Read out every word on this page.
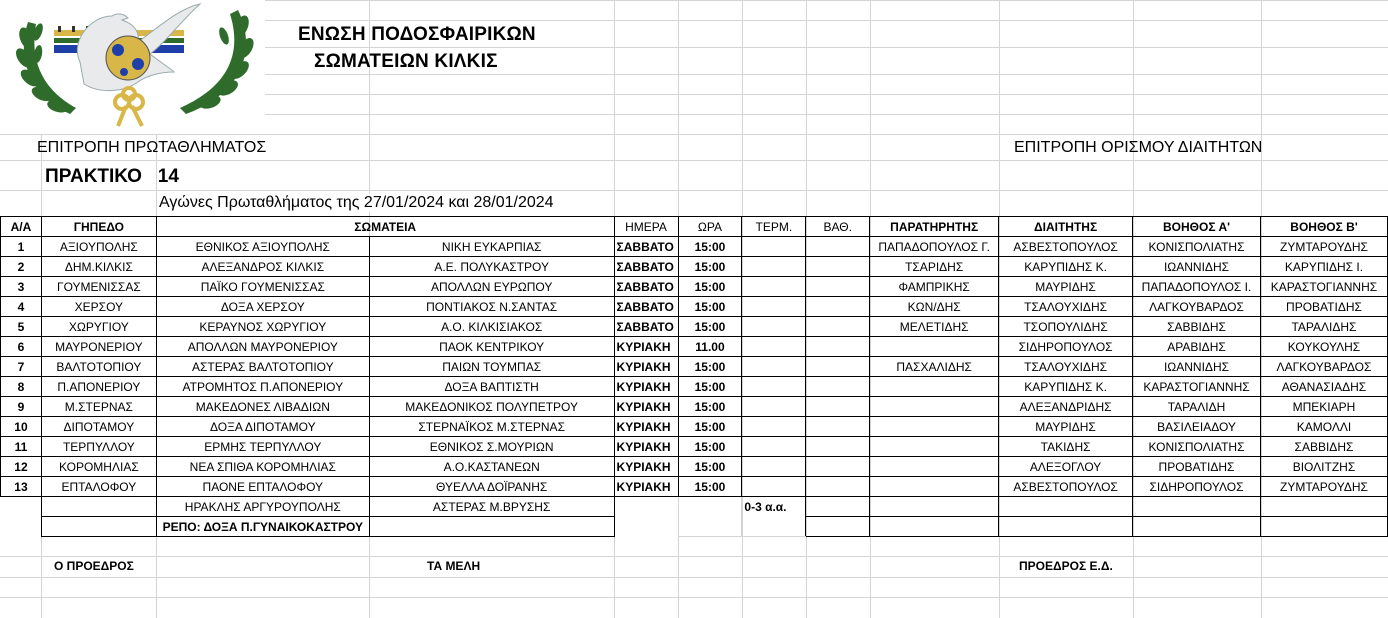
ΕΝΩΣΗ ΠΟΔΟΣΦΑΙΡΙΚΩΝ
ΣΩΜΑΤΕΙΩΝ ΚΙΛΚΙΣ
ΕΠΙΤΡΟΠΗ ΠΡΩΤΑΘΛΗΜΑΤΟΣ	ΕΠΙΤΡΟΠΗ ΟΡΙΣΜΟΥ ΔΙΑΙΤΗΤΩΝ
ΠΡΑΚΤΙΚΟ 14
Αγώνες Πρωταθλήματος της 27/01/2024 και 28/01/2024
Α/Α	ΓΗΠΕΔΟ	ΣΩΜΑΤΕΙΑ		ΗΜΕΡΑ	ΩΡΑ	ΤΕΡΜ.	ΒΑΘ.	ΠΑΡΑΤΗΡΗΤΗΣ	ΔΙΑΙΤΗΤΗΣ	ΒΟΗΘΟΣ Α'	ΒΟΗΘΟΣ Β'
1	ΑΞΙΟΥΠΟΛΗΣ	ΕΘΝΙΚΟΣ ΑΞΙΟΥΠΟΛΗΣ	ΝΙΚΗ ΕΥΚΑΡΠΙΑΣ	ΣΑΒΒΑΤΟ	15:00			ΠΑΠΑΔΟΠΟΥΛΟΣ Γ.	ΑΣΒΕΣΤΟΠΟΥΛΟΣ	ΚΟΝΙΣΠΟΛΙΑΤΗΣ	ΖΥΜΤΑΡΟΥΔΗΣ
2	ΔΗΜ.ΚΙΛΚΙΣ	ΑΛΕΞΑΝΔΡΟΣ ΚΙΛΚΙΣ	Α.Ε. ΠΟΛΥΚΑΣΤΡΟΥ	ΣΑΒΒΑΤΟ	15:00			ΤΣΑΡΙΔΗΣ	ΚΑΡΥΠΙΔΗΣ Κ.	ΙΩΑΝΝΙΔΗΣ	ΚΑΡΥΠΙΔΗΣ Ι.
3	ΓΟΥΜΕΝΙΣΣΑΣ	ΠΑΪΚΟ ΓΟΥΜΕΝΙΣΣΑΣ	ΑΠΟΛΛΩΝ ΕΥΡΩΠΟΥ	ΣΑΒΒΑΤΟ	15:00			ΦΑΜΠΡΙΚΗΣ	ΜΑΥΡΙΔΗΣ	ΠΑΠΑΔΟΠΟΥΛΟΣ Ι.	ΚΑΡΑΣΤΟΓΙΑΝΝΗΣ
4	ΧΕΡΣΟΥ	ΔΟΞΑ ΧΕΡΣΟΥ	ΠΟΝΤΙΑΚΟΣ Ν.ΣΑΝΤΑΣ	ΣΑΒΒΑΤΟ	15:00			ΚΩΝ/ΔΗΣ	ΤΣΑΛΟΥΧΙΔΗΣ	ΛΑΓΚΟΥΒΑΡΔΟΣ	ΠΡΟΒΑΤΙΔΗΣ
5	ΧΩΡΥΓΙΟΥ	ΚΕΡΑΥΝΟΣ ΧΩΡΥΓΙΟΥ	Α.Ο. ΚΙΛΚΙΣΙΑΚΟΣ	ΣΑΒΒΑΤΟ	15:00			ΜΕΛΕΤΙΔΗΣ	ΤΣΟΠΟΥΛΙΔΗΣ	ΣΑΒΒΙΔΗΣ	ΤΑΡΑΛΙΔΗΣ
6	ΜΑΥΡΟΝΕΡΙΟΥ	ΑΠΟΛΛΩΝ ΜΑΥΡΟΝΕΡΙΟΥ	ΠΑΟΚ ΚΕΝΤΡΙΚΟΥ	ΚΥΡΙΑΚΗ	11.00				ΣΙΔΗΡΟΠΟΥΛΟΣ	ΑΡΑΒΙΔΗΣ	ΚΟΥΚΟΥΛΗΣ
7	ΒΑΛΤΟΤΟΠΙΟΥ	ΑΣΤΕΡΑΣ ΒΑΛΤΟΤΟΠΙΟΥ	ΠΑΙΩΝ ΤΟΥΜΠΑΣ	ΚΥΡΙΑΚΗ	15:00			ΠΑΣΧΑΛΙΔΗΣ	ΤΣΑΛΟΥΧΙΔΗΣ	ΙΩΑΝΝΙΔΗΣ	ΛΑΓΚΟΥΒΑΡΔΟΣ
8	Π.ΑΠΟΝΕΡΙΟΥ	ΑΤΡΟΜΗΤΟΣ Π.ΑΠΟΝΕΡΙΟΥ	ΔΟΞΑ ΒΑΠΤΙΣΤΗ	ΚΥΡΙΑΚΗ	15:00				ΚΑΡΥΠΙΔΗΣ Κ.	ΚΑΡΑΣΤΟΓΙΑΝΝΗΣ	ΑΘΑΝΑΣΙΑΔΗΣ
9	Μ.ΣΤΕΡΝΑΣ	ΜΑΚΕΔΟΝΕΣ ΛΙΒΑΔΙΩΝ	ΜΑΚΕΔΟΝΙΚΟΣ ΠΟΛΥΠΕΤΡΟΥ	ΚΥΡΙΑΚΗ	15:00				ΑΛΕΞΑΝΔΡΙΔΗΣ	ΤΑΡΑΛΙΔΗ	ΜΠΕΚΙΑΡΗ
10	ΔΙΠΟΤΑΜΟΥ	ΔΟΞΑ ΔΙΠΟΤΑΜΟΥ	ΣΤΕΡΝΑΪΚΟΣ Μ.ΣΤΕΡΝΑΣ	ΚΥΡΙΑΚΗ	15:00				ΜΑΥΡΙΔΗΣ	ΒΑΣΙΛΕΙΑΔΟΥ	ΚΑΜΟΛΛΙ
11	ΤΕΡΠΥΛΛΟΥ	ΕΡΜΗΣ ΤΕΡΠΥΛΛΟΥ	ΕΘΝΙΚΟΣ Σ.ΜΟΥΡΙΩΝ	ΚΥΡΙΑΚΗ	15:00				ΤΑΚΙΔΗΣ	ΚΟΝΙΣΠΟΛΙΑΤΗΣ	ΣΑΒΒΙΔΗΣ
12	ΚΟΡΟΜΗΛΙΑΣ	ΝΕΑ ΣΠΙΘΑ ΚΟΡΟΜΗΛΙΑΣ	Α.Ο.ΚΑΣΤΑΝΕΩΝ	ΚΥΡΙΑΚΗ	15:00				ΑΛΕΞΟΓΛΟΥ	ΠΡΟΒΑΤΙΔΗΣ	ΒΙΟΛΙΤΖΗΣ
13	ΕΠΤΑΛΟΦΟΥ	ΠΑΟΝΕ ΕΠΤΑΛΟΦΟΥ	ΘΥΕΛΛΑ ΔΟΪΡΑΝΗΣ	ΚΥΡΙΑΚΗ	15:00				ΑΣΒΕΣΤΟΠΟΥΛΟΣ	ΣΙΔΗΡΟΠΟΥΛΟΣ	ΖΥΜΤΑΡΟΥΔΗΣ
		ΗΡΑΚΛΗΣ ΑΡΓΥΡΟΥΠΟΛΗΣ	ΑΣΤΕΡΑΣ Μ.ΒΡΥΣΗΣ			0-3 α.α.					
		ΡΕΠΟ: ΔΟΞΑ Π.ΓΥΝΑΙΚΟΚΑΣΤΡΟΥ									
Ο ΠΡΟΕΔΡΟΣ	ΤΑ ΜΕΛΗ	ΠΡΟΕΔΡΟΣ Ε.Δ.
